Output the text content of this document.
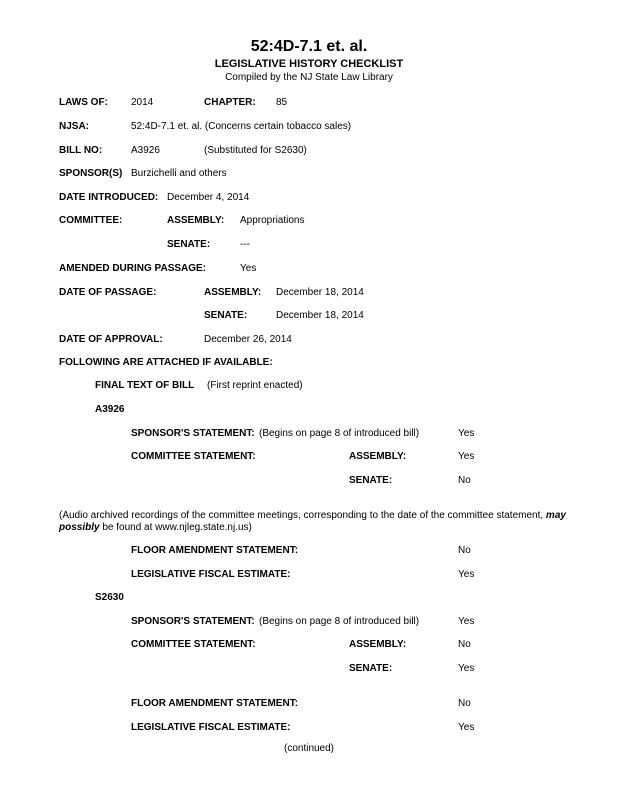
52:4D-7.1 et. al.
LEGISLATIVE HISTORY CHECKLIST
Compiled by the NJ State Law Library
LAWS OF: 2014	CHAPTER: 85
NJSA:	52:4D-7.1 et. al. (Concerns certain tobacco sales)
BILL NO:	A3926	(Substituted for S2630)
SPONSOR(S) Burzichelli and others
DATE INTRODUCED: December 4, 2014
COMMITTEE:	ASSEMBLY: Appropriations
SENATE:	---
AMENDED DURING PASSAGE:	Yes
DATE OF PASSAGE:	ASSEMBLY: December 18, 2014
SENATE:	December 18, 2014
DATE OF APPROVAL:	December 26, 2014
FOLLOWING ARE ATTACHED IF AVAILABLE:
FINAL TEXT OF BILL (First reprint enacted)
A3926
SPONSOR'S STATEMENT: (Begins on page 8 of introduced bill)	Yes
COMMITTEE STATEMENT:	ASSEMBLY:	Yes
SENATE:	No
(Audio archived recordings of the committee meetings, corresponding to the date of the committee statement, may possibly be found at www.njleg.state.nj.us)
FLOOR AMENDMENT STATEMENT:	No
LEGISLATIVE FISCAL ESTIMATE:	Yes
S2630
SPONSOR'S STATEMENT: (Begins on page 8 of introduced bill)	Yes
COMMITTEE STATEMENT:	ASSEMBLY:	No
SENATE:	Yes
FLOOR AMENDMENT STATEMENT:	No
LEGISLATIVE FISCAL ESTIMATE:	Yes
(continued)
